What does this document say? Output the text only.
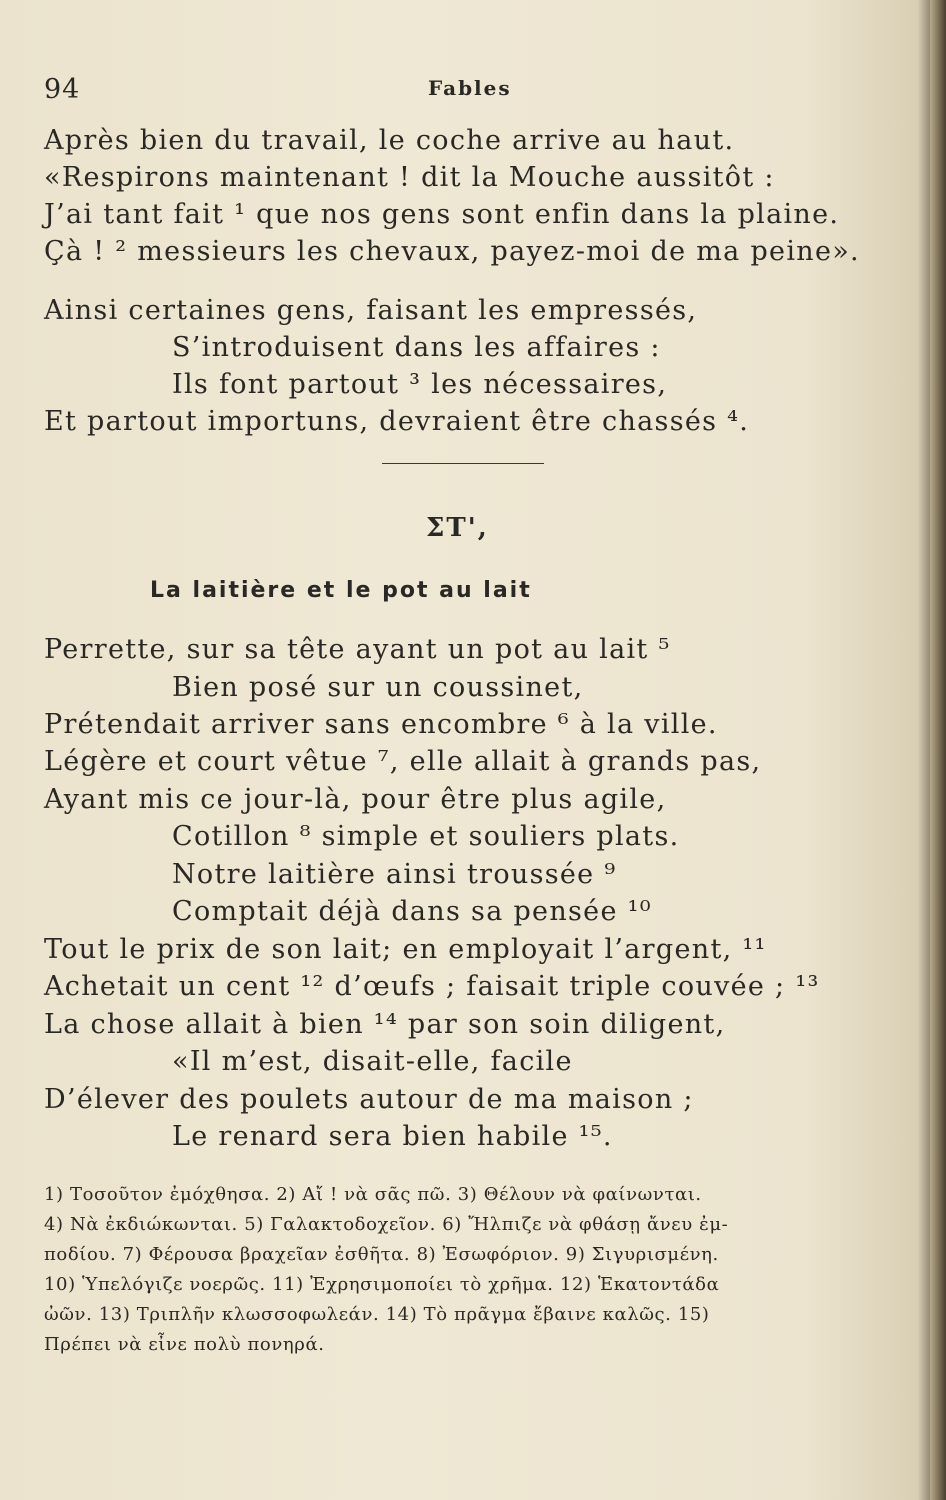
94	Fables
Après bien du travail, le coche arrive au haut.
«Respirons maintenant ! dit la Mouche aussitôt :
J’ai tant fait ¹ que nos gens sont enfin dans la plaine.
Çà ! ² messieurs les chevaux, payez-moi de ma peine».
Ainsi certaines gens, faisant les empressés,
S’introduisent dans les affaires :
Ils font partout ³ les nécessaires,
Et partout importuns, devraient être chassés ⁴.
ΣΤ',
La laitière et le pot au lait
Perrette, sur sa tête ayant un pot au lait ⁵
Bien posé sur un coussinet,
Prétendait arriver sans encombre ⁶ à la ville.
Légère et court vêtue ⁷, elle allait à grands pas,
Ayant mis ce jour-là, pour être plus agile,
Cotillon ⁸ simple et souliers plats.
Notre laitière ainsi troussée ⁹
Comptait déjà dans sa pensée ¹⁰
Tout le prix de son lait; en employait l’argent, ¹¹
Achetait un cent ¹² d’œufs ; faisait triple couvée ; ¹³
La chose allait à bien ¹⁴ par son soin diligent,
«Il m’est, disait-elle, facile
D’élever des poulets autour de ma maison ;
Le renard sera bien habile ¹⁵.
1) Τοσοῦτον ἐμόχθησα. 2) Αἴ ! νὰ σᾶς πῶ. 3) Θέλουν νὰ φαίνωνται.
4) Νὰ ἐκδιώκωνται. 5) Γαλακτοδοχεῖον. 6) Ἤλπιζε νὰ φθάσῃ ἄνευ ἐμ-
ποδίου. 7) Φέρουσα βραχεῖαν ἐσθῆτα. 8) Ἐσωφόριον. 9) Σιγυρισμένη.
10) Ὑπελόγιζε νοερῶς. 11) Ἐχρησιμοποίει τὸ χρῆμα. 12) Ἑκατοντάδα
ὠῶν. 13) Τριπλῆν κλωσσοφωλεάν. 14) Τὸ πρᾶγμα ἔβαινε καλῶς. 15)
Πρέπει νὰ εἶνε πολὺ πονηρά.
